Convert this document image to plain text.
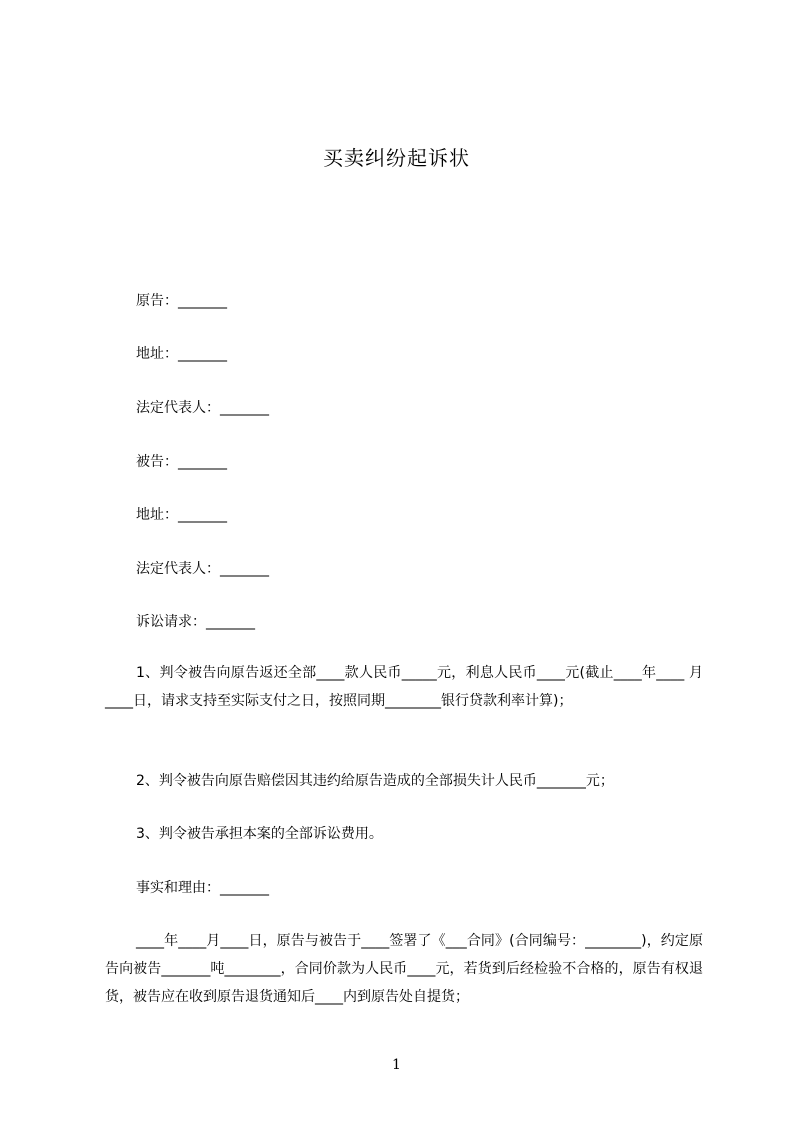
买卖纠纷起诉状
原告：_______
地址：_______
法定代表人：_______
被告：_______
地址：_______
法定代表人：_______
诉讼请求：_______
1、判令被告向原告返还全部____款人民币_____元，利息人民币____元(截止____年____ 月 ____日，请求支持至实际支付之日，按照同期________银行贷款利率计算)；
2、判令被告向原告赔偿因其违约给原告造成的全部损失计人民币_______元；
3、判令被告承担本案的全部诉讼费用。
事实和理由：_______
____年____月____日，原告与被告于____签署了《___合同》(合同编号：________)，约定原告向被告_______吨________，合同价款为人民币____元，若货到后经检验不合格的，原告有权退货，被告应在收到原告退货通知后____内到原告处自提货；
1
